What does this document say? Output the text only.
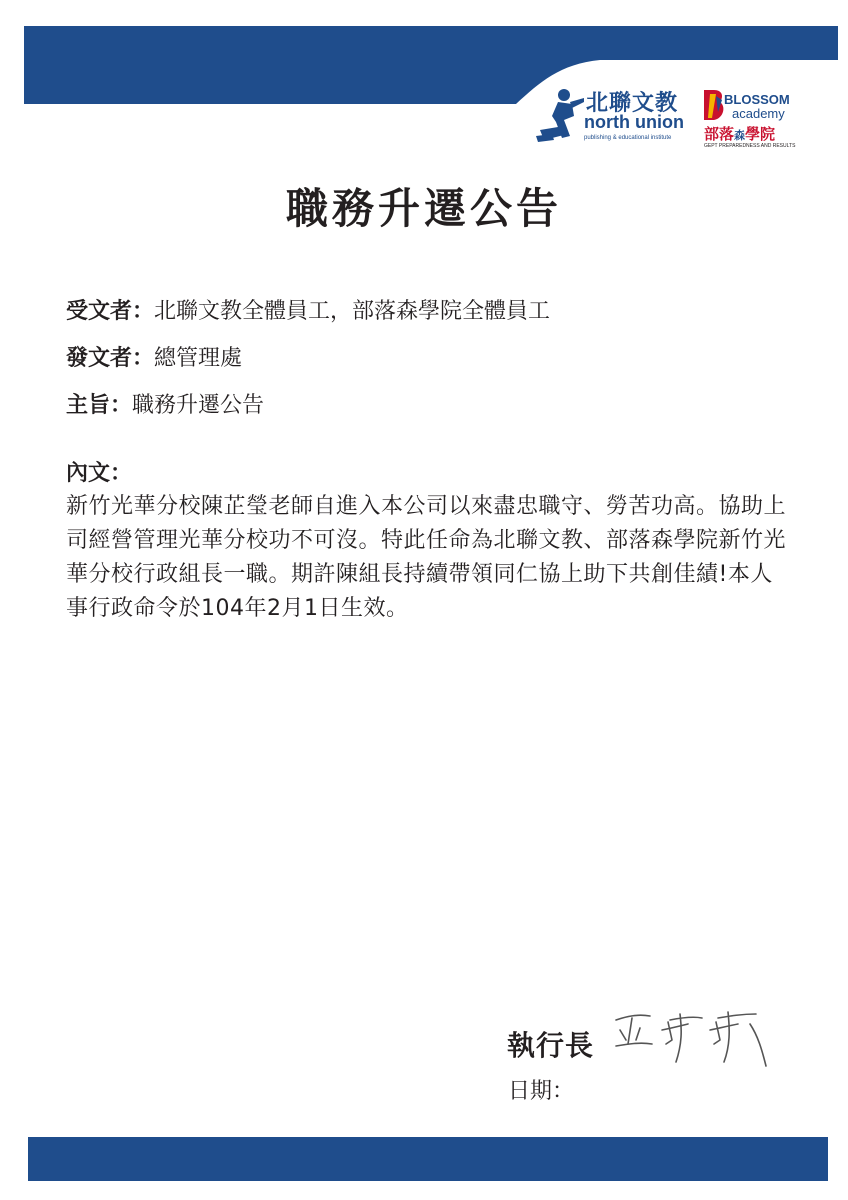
北聯文教
north union
publishing & educational institute
BLOSSOM
academy
部落森學院
GEPT PREPAREDNESS AND RESULTS
職務升遷公告
受文者：北聯文教全體員工，部落森學院全體員工
發文者：總管理處
主旨：職務升遷公告
內文：
新竹光華分校陳芷瑩老師自進入本公司以來盡忠職守、勞苦功高。協助上司經營管理光華分校功不可沒。特此任命為北聯文教、部落森學院新竹光華分校行政組長一職。期許陳組長持續帶領同仁協上助下共創佳績!本人事行政命令於104年2月1日生效。
執行長
日期：
